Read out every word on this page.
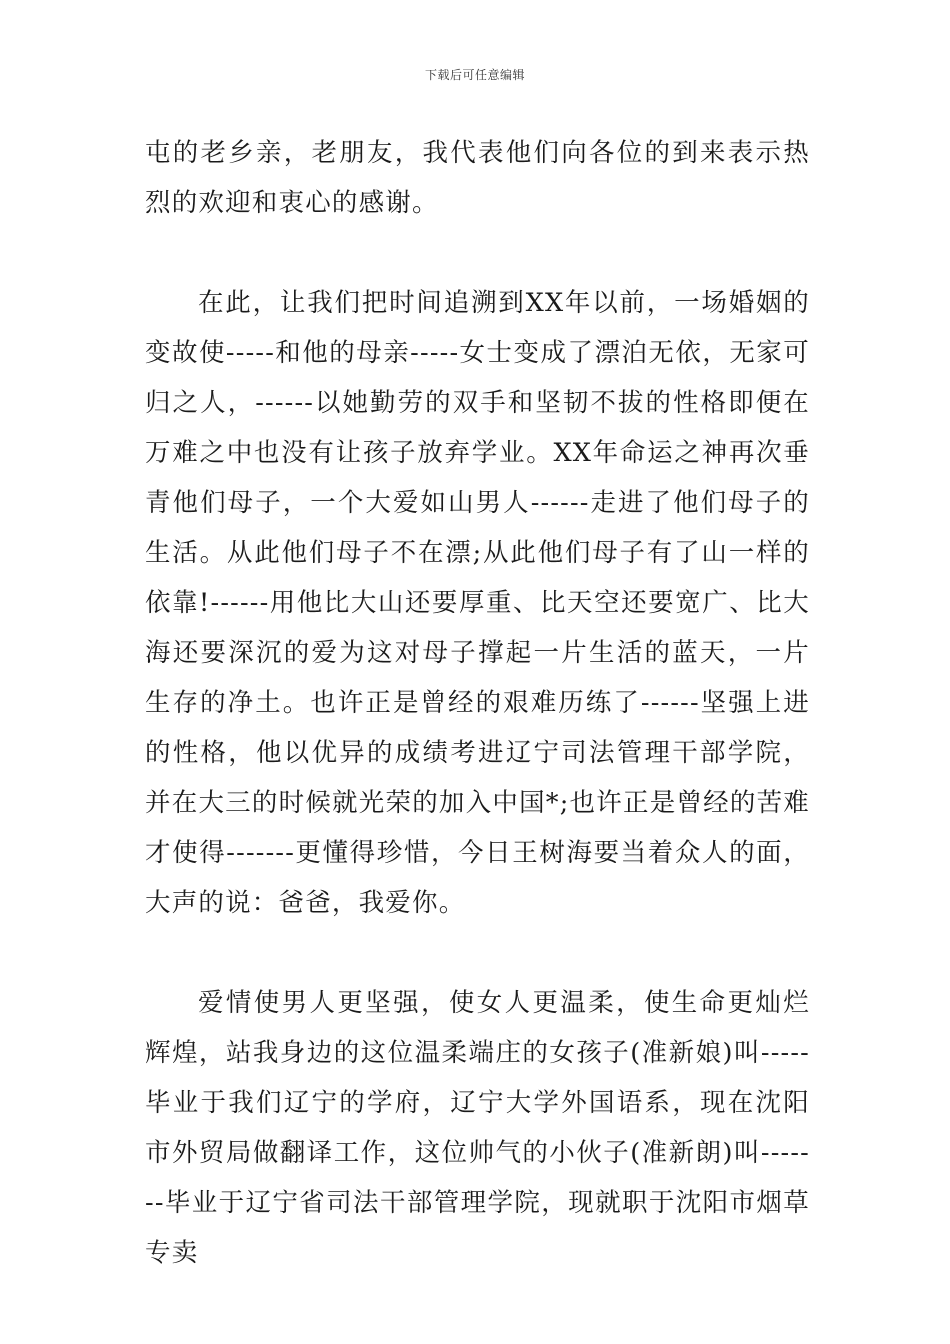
下载后可任意编辑

屯的老乡亲，老朋友，我代表他们向各位的到来表示热烈的欢迎和衷心的感谢。

在此，让我们把时间追溯到XX年以前，一场婚姻的变故使-----和他的母亲-----女士变成了漂泊无依，无家可归之人，------以她勤劳的双手和坚韧不拔的性格即便在万难之中也没有让孩子放弃学业。XX年命运之神再次垂青他们母子，一个大爱如山男人------走进了他们母子的生活。从此他们母子不在漂;从此他们母子有了山一样的依靠!------用他比大山还要厚重、比天空还要宽广、比大海还要深沉的爱为这对母子撑起一片生活的蓝天，一片生存的净土。也许正是曾经的艰难历练了------坚强上进的性格，他以优异的成绩考进辽宁司法管理干部学院，并在大三的时候就光荣的加入中国*;也许正是曾经的苦难才使得-------更懂得珍惜，今日王树海要当着众人的面，大声的说：爸爸，我爱你。

爱情使男人更坚强，使女人更温柔，使生命更灿烂辉煌，站我身边的这位温柔端庄的女孩子(准新娘)叫-----毕业于我们辽宁的学府，辽宁大学外国语系，现在沈阳市外贸局做翻译工作，这位帅气的小伙子(准新朗)叫-------毕业于辽宁省司法干部管理学院，现就职于沈阳市烟草专卖
